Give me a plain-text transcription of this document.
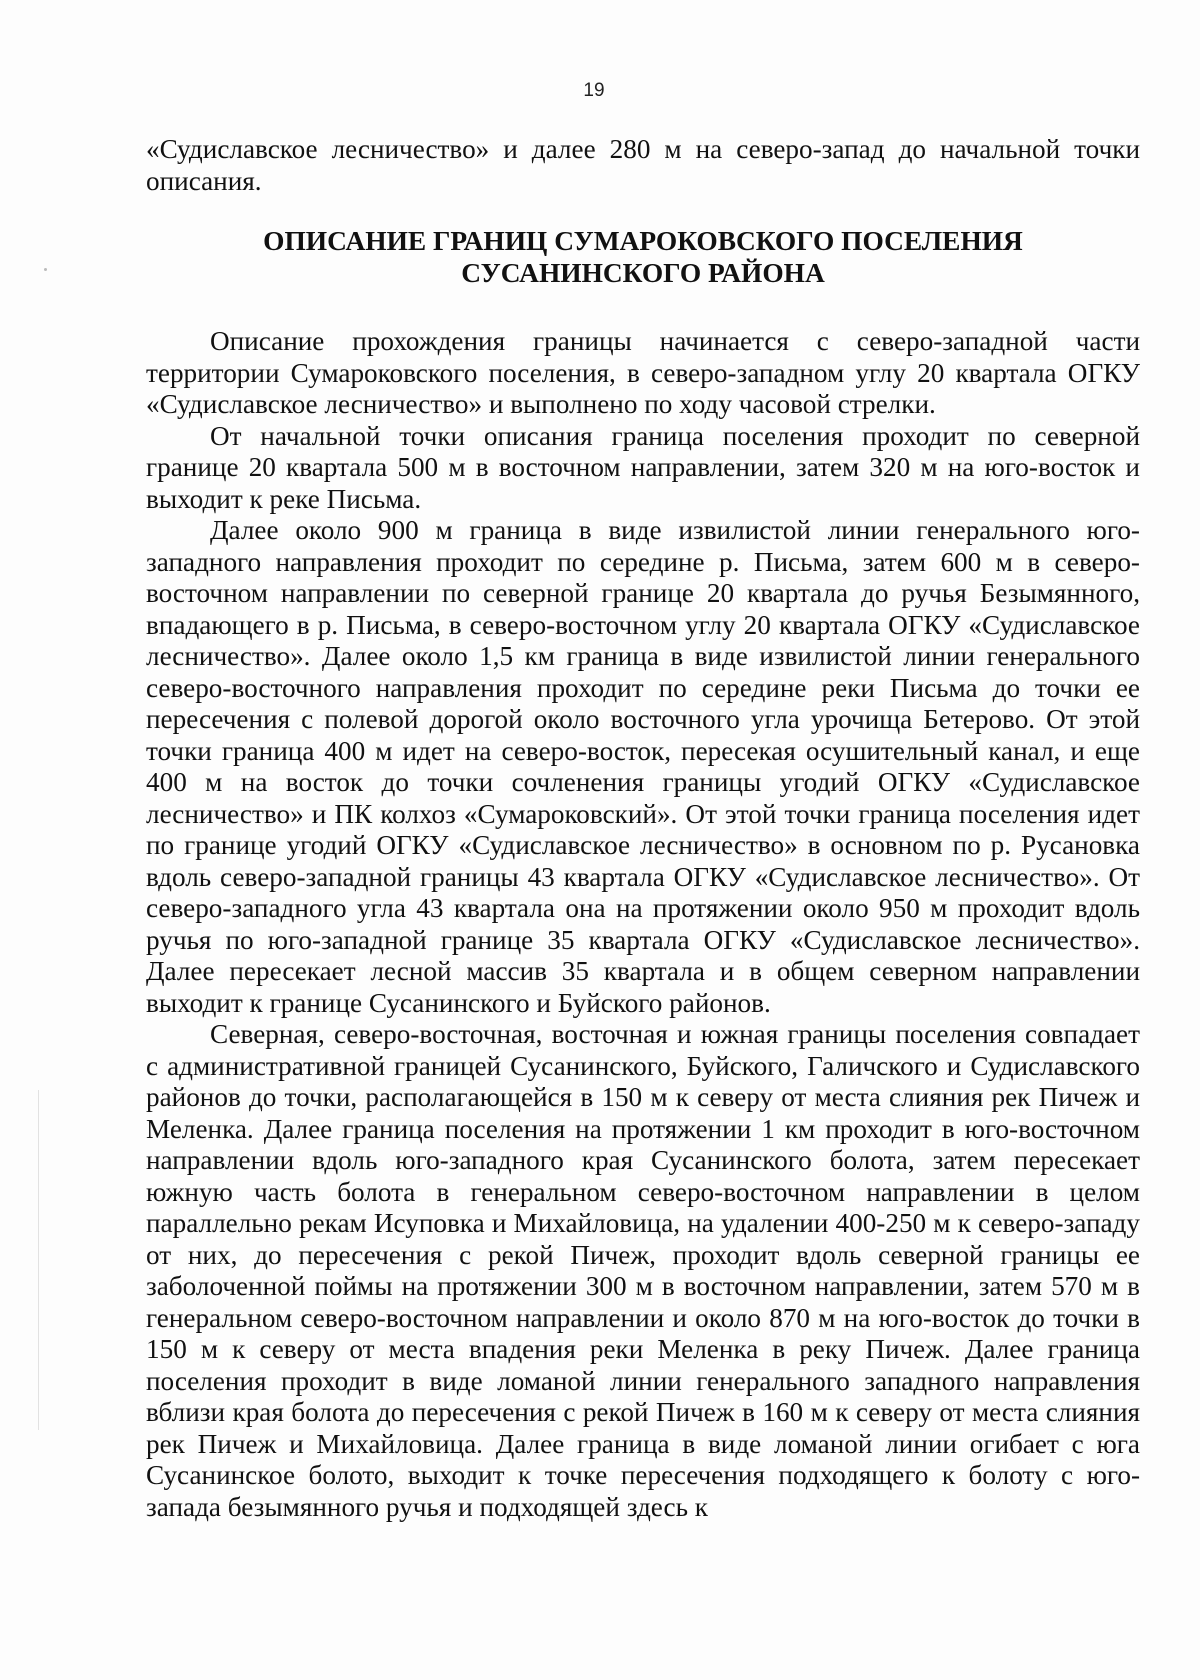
19

«Судиславское лесничество» и далее 280 м на северо-запад до начальной точки описания.

ОПИСАНИЕ ГРАНИЦ СУМАРОКОВСКОГО ПОСЕЛЕНИЯ
СУСАНИНСКОГО РАЙОНА

Описание прохождения границы начинается с северо-западной части территории Сумароковского поселения, в северо-западном углу 20 квартала ОГКУ «Судиславское лесничество» и выполнено по ходу часовой стрелки.

От начальной точки описания граница поселения проходит по северной границе 20 квартала 500 м в восточном направлении, затем 320 м на юго-восток и выходит к реке Письма.

Далее около 900 м граница в виде извилистой линии генерального юго-западного направления проходит по середине р. Письма, затем 600 м в северо-восточном направлении по северной границе 20 квартала до ручья Безымянного, впадающего в р. Письма, в северо-восточном углу 20 квартала ОГКУ «Судиславское лесничество». Далее около 1,5 км граница в виде извилистой линии генерального северо-восточного направления проходит по середине реки Письма до точки ее пересечения с полевой дорогой около восточного угла урочища Бетерово. От этой точки граница 400 м идет на северо-восток, пересекая осушительный канал, и еще 400 м на восток до точки сочленения границы угодий ОГКУ «Судиславское лесничество» и ПК колхоз «Сумароковский». От этой точки граница поселения идет по границе угодий ОГКУ «Судиславское лесничество» в основном по р. Русановка вдоль северо-западной границы 43 квартала ОГКУ «Судиславское лесничество». От северо-западного угла 43 квартала она на протяжении около 950 м проходит вдоль ручья по юго-западной границе 35 квартала ОГКУ «Судиславское лесничество». Далее пересекает лесной массив 35 квартала и в общем северном направлении выходит к границе Сусанинского и Буйского районов.

Северная, северо-восточная, восточная и южная границы поселения совпадает с административной границей Сусанинского, Буйского, Галичского и Судиславского районов до точки, располагающейся в 150 м к северу от места слияния рек Пичеж и Меленка. Далее граница поселения на протяжении 1 км проходит в юго-восточном направлении вдоль юго-западного края Сусанинского болота, затем пересекает южную часть болота в генеральном северо-восточном направлении в целом параллельно рекам Исуповка и Михайловица, на удалении 400-250 м к северо-западу от них, до пересечения с рекой Пичеж, проходит вдоль северной границы ее заболоченной поймы на протяжении 300 м в восточном направлении, затем 570 м в генеральном северо-восточном направлении и около 870 м на юго-восток до точки в 150 м к северу от места впадения реки Меленка в реку Пичеж. Далее граница поселения проходит в виде ломаной линии генерального западного направления вблизи края болота до пересечения с рекой Пичеж в 160 м к северу от места слияния рек Пичеж и Михайловица. Далее граница в виде ломаной линии огибает с юга Сусанинское болото, выходит к точке пересечения подходящего к болоту с юго-запада безымянного ручья и подходящей здесь к
